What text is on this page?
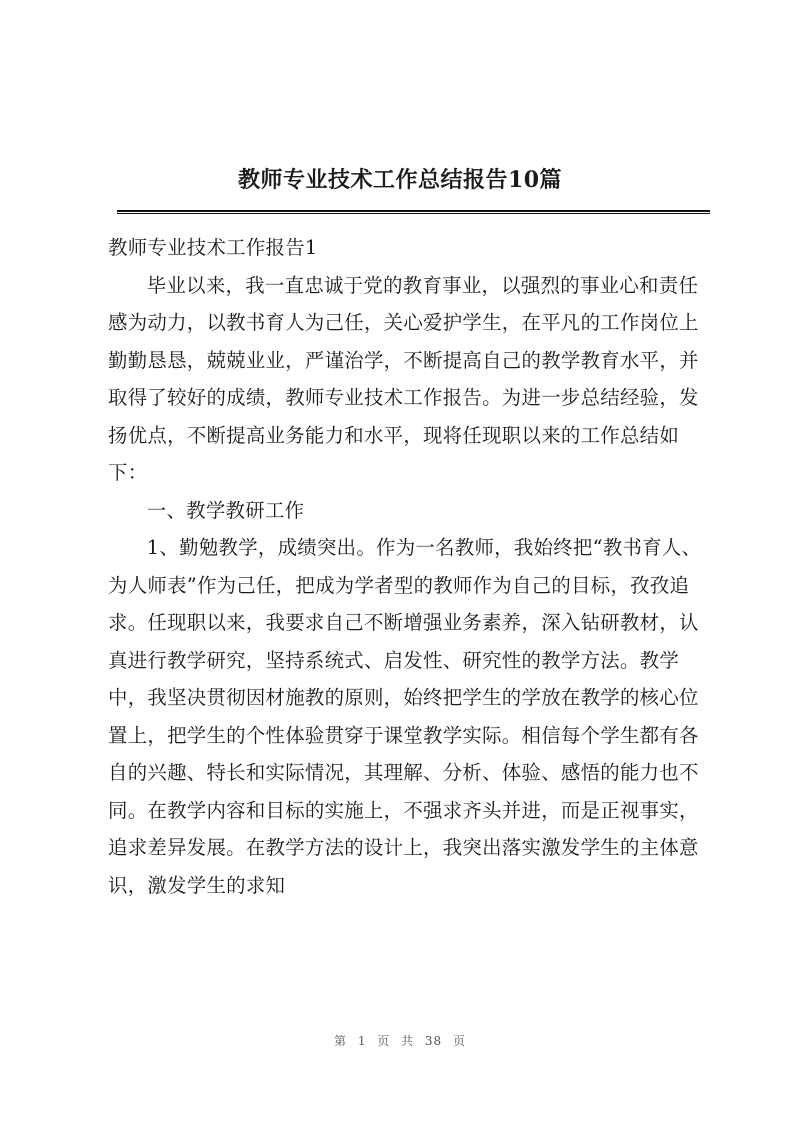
教师专业技术工作总结报告10篇

教师专业技术工作报告1

毕业以来，我一直忠诚于党的教育事业，以强烈的事业心和责任感为动力，以教书育人为己任，关心爱护学生，在平凡的工作岗位上勤勤恳恳，兢兢业业，严谨治学，不断提高自己的教学教育水平，并取得了较好的成绩，教师专业技术工作报告。为进一步总结经验，发扬优点，不断提高业务能力和水平，现将任现职以来的工作总结如下：

一、教学教研工作

1、勤勉教学，成绩突出。作为一名教师，我始终把“教书育人、为人师表”作为己任，把成为学者型的教师作为自己的目标，孜孜追求。任现职以来，我要求自己不断增强业务素养，深入钻研教材，认真进行教学研究，坚持系统式、启发性、研究性的教学方法。教学中，我坚决贯彻因材施教的原则，始终把学生的学放在教学的核心位置上，把学生的个性体验贯穿于课堂教学实际。相信每个学生都有各自的兴趣、特长和实际情况，其理解、分析、体验、感悟的能力也不同。在教学内容和目标的实施上，不强求齐头并进，而是正视事实，追求差异发展。在教学方法的设计上，我突出落实激发学生的主体意识，激发学生的求知

第 1 页 共 38 页
